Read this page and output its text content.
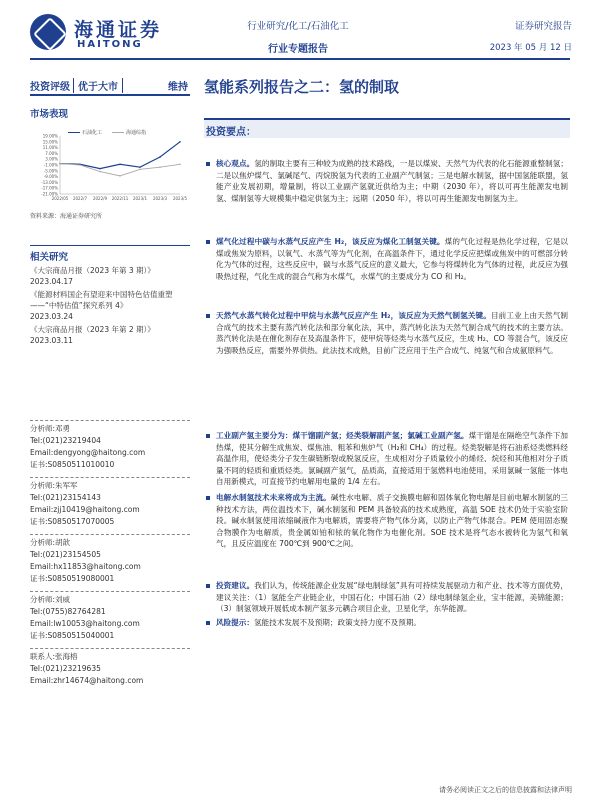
海通证券
HAITONG
行业研究/化工/石油化工
行业专题报告
证券研究报告
2023 年 05 月 12 日
投资评级 优于大市	维持 氢能系列报告之二：氢的制取
市场表现
石油化工	海通综指
19.00%
15.00%
11.00%
7.00%
3.00%
-1.00%
-5.00%
-9.00%
-13.00%
-17.00%
-21.00%
2022/05 2022/7 2022/9 2022/11 2023/1 2023/3 2023/5
资料来源：海通证券研究所
相关研究
《大宗商品月报（2023 年第 3 期）》
2023.04.17
《能源材料国企有望迎来中国特色估值重塑——“中特估值”探究系列 4》
2023.03.24
《大宗商品月报（2023 年第 2 期）》
2023.03.11
分析师:邓勇
Tel:(021)23219404
Email:dengyong@haitong.com
证书:S0850511010010
分析师:朱军军
Tel:(021)23154143
Email:zjj10419@haitong.com
证书:S0850517070005
分析师:胡歆
Tel:(021)23154505
Email:hx11853@haitong.com
证书:S0850519080001
分析师:刘威
Tel:(0755)82764281
Email:lw10053@haitong.com
证书:S0850515040001
联系人:张海榕
Tel:(021)23219635
Email:zhr14674@haitong.com
投资要点：
核心观点。氢的制取主要有三种较为成熟的技术路线，一是以煤炭、天然气为代表的化石能源重整制氢；二是以焦炉煤气、氯碱尾气、丙烷脱氢为代表的工业副产气制氢；三是电解水制氢，据中国氢能联盟，氢能产业发展初期，增量制，将以工业副产氢就近供给为主；中期（2030 年），将以可再生能源发电制氢、煤制氢等大规模集中稳定供氢为主；远期（2050 年），将以可再生能源发电制氢为主。
煤气化过程中碳与水蒸气反应产生 H₂，该反应为煤化工制氢关键。煤的气化过程是热化学过程，它是以煤或焦炭为原料，以氧气、水蒸气等为气化剂，在高温条件下，通过化学反应把煤或焦炭中的可燃部分转化为气体的过程，这些反应中，碳与水蒸气反应的意义最大，它参与将煤转化为气体的过程，此反应为强吸热过程，气化生成的混合气称为水煤气，水煤气的主要成分为 CO 和 H₂。
天然气水蒸气转化过程中甲烷与水蒸气反应产生 H₂，该反应为天然气制氢关键。目前工业上由天然气制合成气的技术主要有蒸汽转化法和部分氧化法，其中，蒸汽转化法为天然气制合成气的技术的主要方法。蒸汽转化法是在催化剂存在及高温条件下，使甲烷等烃类与水蒸气反应，生成 H₂、CO 等混合气，该反应为强吸热反应，需要外界供热。此法技术成熟，目前广泛应用于生产合成气、纯氢气和合成氨原料气。
工业副产氢主要分为：煤干馏副产氢；烃类裂解副产氢；氯碱工业副产氢。煤干馏是在隔绝空气条件下加热煤，使其分解生成焦炭、煤焦油、粗苯和焦炉气（H₂和 CH₄）的过程。烃类裂解是将石油系烃类燃料经高温作用，使烃类分子发生碳链断裂或脱氢反应，生成相对分子质量较小的烯烃、烷烃和其他相对分子质量不同的轻质和重质烃类。氯碱副产氢气，品质高，直接适用于氢燃料电池使用，采用氯碱一氢能一体电自用新模式，可直接节约电解用电量的 1/4 左右。
电解水制氢技术未来将成为主流。碱性水电解、质子交换膜电解和固体氧化物电解是目前电解水制氢的三种技术方法，两位温技术下，碱水制氢和 PEM 具备较高的技术成熟度，高温 SOE 技术仍处于实验室阶段。碱水制氢使用浓缩碱液作为电解质，需要将产物气体分离，以防止产物气体混合。PEM 使用固态聚合物膜作为电解质，贵金属如铂和铱的氧化物作为电催化剂。SOE 技术是将气态水被转化为氢气和氧气，且反应温度在 700℃到 900℃之间。
投资建议。我们认为，传统能源企业发展“绿电制绿氢”具有可持续发展驱动力和产业、技术等方面优势，建议关注：（1）氢能全产业链企业，中国石化；中国石油（2）绿电制绿氢企业，宝丰能源，美锦能源；（3）制氢领域开展低成本制产氢多元耦合项目企业，卫星化学，东华能源。
风险提示：氢能技术发展不及预期；政策支持力度不及预期。
请务必阅读正文之后的信息披露和法律声明
